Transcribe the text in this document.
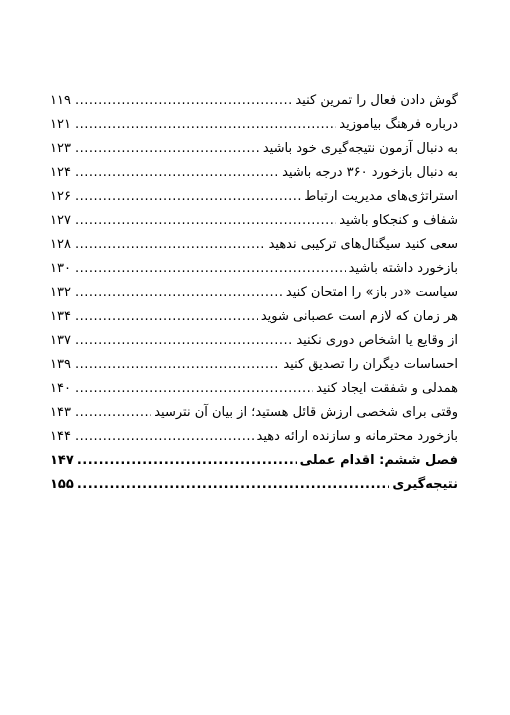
گوش دادن فعال را تمرین کنید
.....
۱۱۹
درباره فرهنگ بیاموزید
.....
۱۲۱
به دنبال آزمون نتیجه‌گیری خود باشید
.....
۱۲۳
به دنبال بازخورد ۳۶۰ درجه باشید
.....
۱۲۴
استراتژی‌های مدیریت ارتباط
.....
۱۲۶
شفاف و کنجکاو باشید
.....
۱۲۷
سعی کنید سیگنال‌های ترکیبی ندهید
.....
۱۲۸
بازخورد داشته باشید
.....
۱۳۰
سیاست «در باز» را امتحان کنید
.....
۱۳۲
هر زمان که لازم است عصبانی شوید
.....
۱۳۴
از وقایع یا اشخاص دوری نکنید
.....
۱۳۷
احساسات دیگران را تصدیق کنید
.....
۱۳۹
همدلی و شفقت ایجاد کنید
.....
۱۴۰
وقتی برای شخصی ارزش قائل هستید؛ از بیان آن نترسید
.....
۱۴۳
بازخورد محترمانه و سازنده ارائه دهید
.....
۱۴۴
فصل ششم: اقدام عملی
.....
۱۴۷
نتیجه‌گیری
.....
۱۵۵
